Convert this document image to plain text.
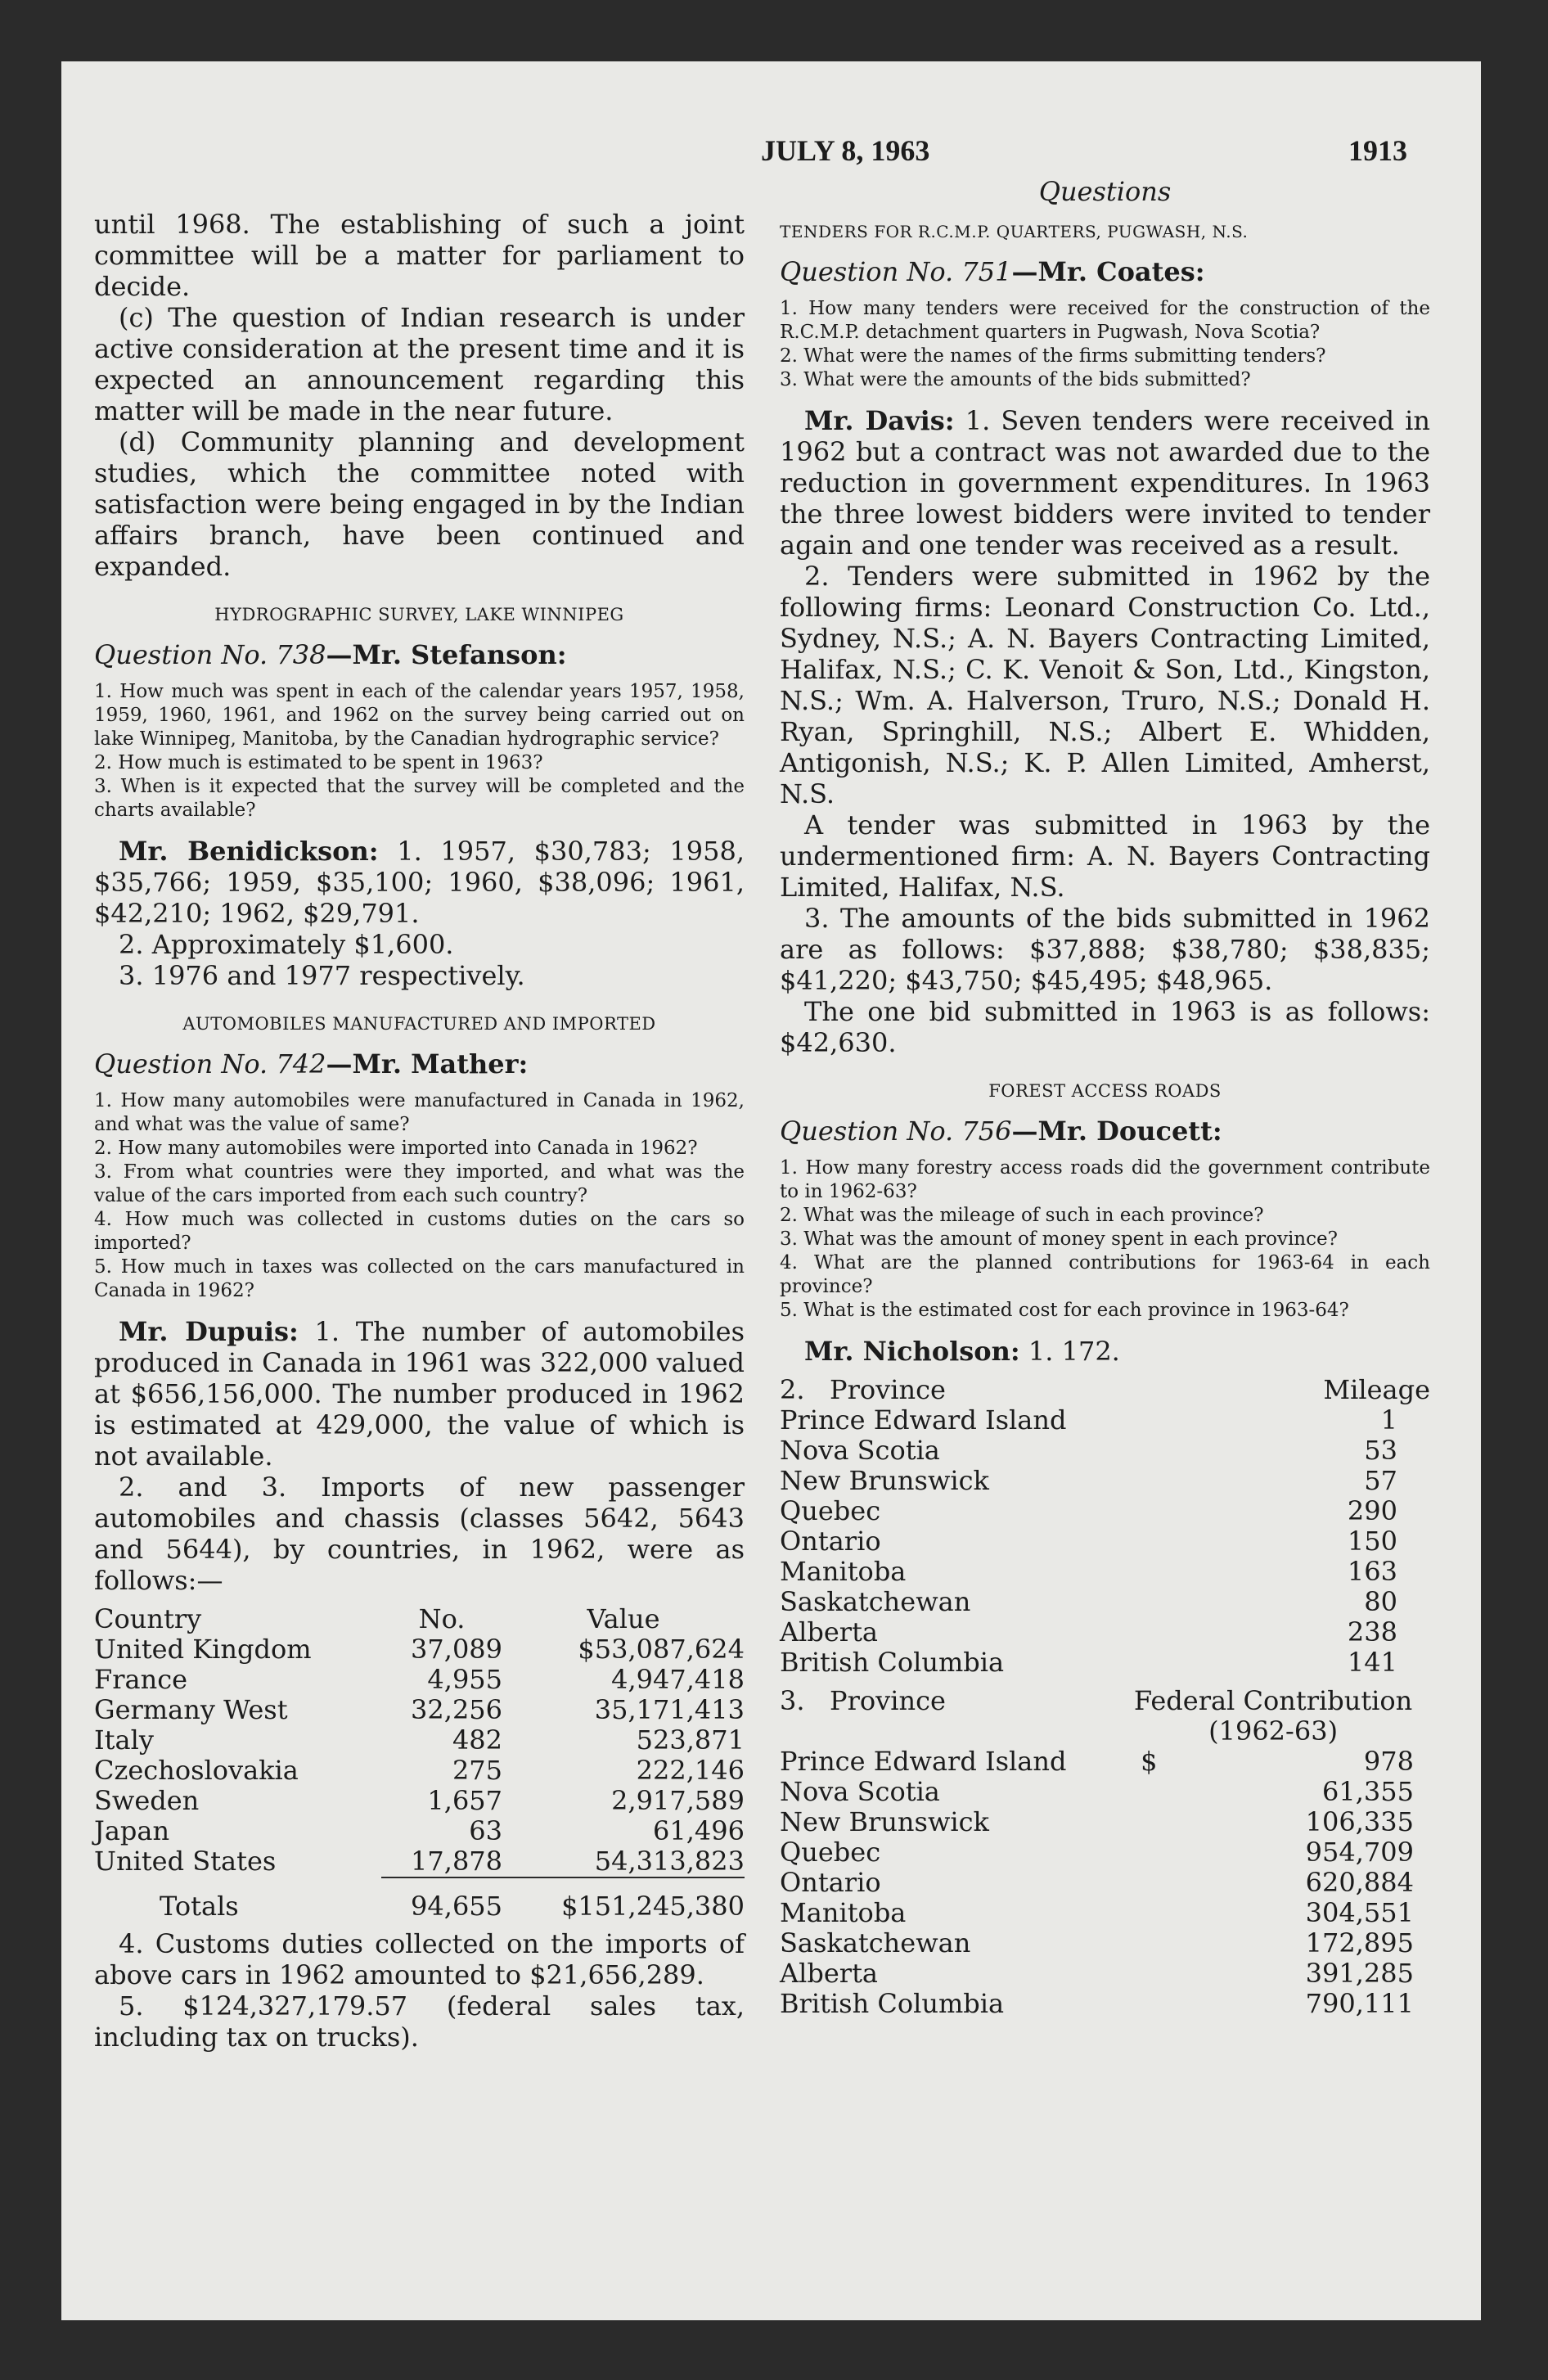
JULY 8, 1963	1913

until 1968. The establishing of such a joint committee will be a matter for parliament to decide.

(c) The question of Indian research is under active consideration at the present time and it is expected an announcement regarding this matter will be made in the near future.

(d) Community planning and development studies, which the committee noted with satisfaction were being engaged in by the Indian affairs branch, have been continued and expanded.

HYDROGRAPHIC SURVEY, LAKE WINNIPEG
Question No. 738—Mr. Stefanson:

1. How much was spent in each of the calendar years 1957, 1958, 1959, 1960, 1961, and 1962 on the survey being carried out on lake Winnipeg, Manitoba, by the Canadian hydrographic service?

2. How much is estimated to be spent in 1963?

3. When is it expected that the survey will be completed and the charts available?

Mr. Benidickson: 1. 1957, $30,783; 1958, $35,766; 1959, $35,100; 1960, $38,096; 1961, $42,210; 1962, $29,791.

2. Approximately $1,600.

3. 1976 and 1977 respectively.

AUTOMOBILES MANUFACTURED AND IMPORTED
Question No. 742—Mr. Mather:

1. How many automobiles were manufactured in Canada in 1962, and what was the value of same?

2. How many automobiles were imported into Canada in 1962?

3. From what countries were they imported, and what was the value of the cars imported from each such country?

4. How much was collected in customs duties on the cars so imported?

5. How much in taxes was collected on the cars manufactured in Canada in 1962?

Mr. Dupuis: 1. The number of automobiles produced in Canada in 1961 was 322,000 valued at $656,156,000. The number produced in 1962 is estimated at 429,000, the value of which is not available.

2. and 3. Imports of new passenger automobiles and chassis (classes 5642, 5643 and 5644), by countries, in 1962, were as follows:—

Country	No.	Value
United Kingdom	37,089	$53,087,624
France	4,955	4,947,418
Germany West	32,256	35,171,413
Italy	482	523,871
Czechoslovakia	275	222,146
Sweden	1,657	2,917,589
Japan	63	61,496
United States	17,878	54,313,823

Totals	94,655	$151,245,380

4. Customs duties collected on the imports of above cars in 1962 amounted to $21,656,289.

5. $124,327,179.57 (federal sales tax, including tax on trucks).

Questions
TENDERS FOR R.C.M.P. QUARTERS, PUGWASH, N.S.
Question No. 751—Mr. Coates:

1. How many tenders were received for the construction of the R.C.M.P. detachment quarters in Pugwash, Nova Scotia?

2. What were the names of the firms submitting tenders?

3. What were the amounts of the bids submitted?

Mr. Davis: 1. Seven tenders were received in 1962 but a contract was not awarded due to the reduction in government expenditures. In 1963 the three lowest bidders were invited to tender again and one tender was received as a result.

2. Tenders were submitted in 1962 by the following firms: Leonard Construction Co. Ltd., Sydney, N.S.; A. N. Bayers Contracting Limited, Halifax, N.S.; C. K. Venoit & Son, Ltd., Kingston, N.S.; Wm. A. Halverson, Truro, N.S.; Donald H. Ryan, Springhill, N.S.; Albert E. Whidden, Antigonish, N.S.; K. P. Allen Limited, Amherst, N.S.

A tender was submitted in 1963 by the undermentioned firm: A. N. Bayers Contracting Limited, Halifax, N.S.

3. The amounts of the bids submitted in 1962 are as follows: $37,888; $38,780; $38,835; $41,220; $43,750; $45,495; $48,965.

The one bid submitted in 1963 is as follows: $42,630.

FOREST ACCESS ROADS
Question No. 756—Mr. Doucett:

1. How many forestry access roads did the government contribute to in 1962-63?

2. What was the mileage of such in each province?

3. What was the amount of money spent in each province?

4. What are the planned contributions for 1963-64 in each province?

5. What is the estimated cost for each province in 1963-64?

Mr. Nicholson: 1. 172.

2. Province	Mileage
Prince Edward Island	1
Nova Scotia	53
New Brunswick	57
Quebec	290
Ontario	150
Manitoba	163
Saskatchewan	80
Alberta	238
British Columbia	141
3. Province	Federal Contribution
(1962-63)	

Prince Edward Island	$	978
Nova Scotia		61,355
New Brunswick		106,335
Quebec		954,709
Ontario		620,884
Manitoba		304,551
Saskatchewan		172,895
Alberta		391,285
British Columbia		790,111
